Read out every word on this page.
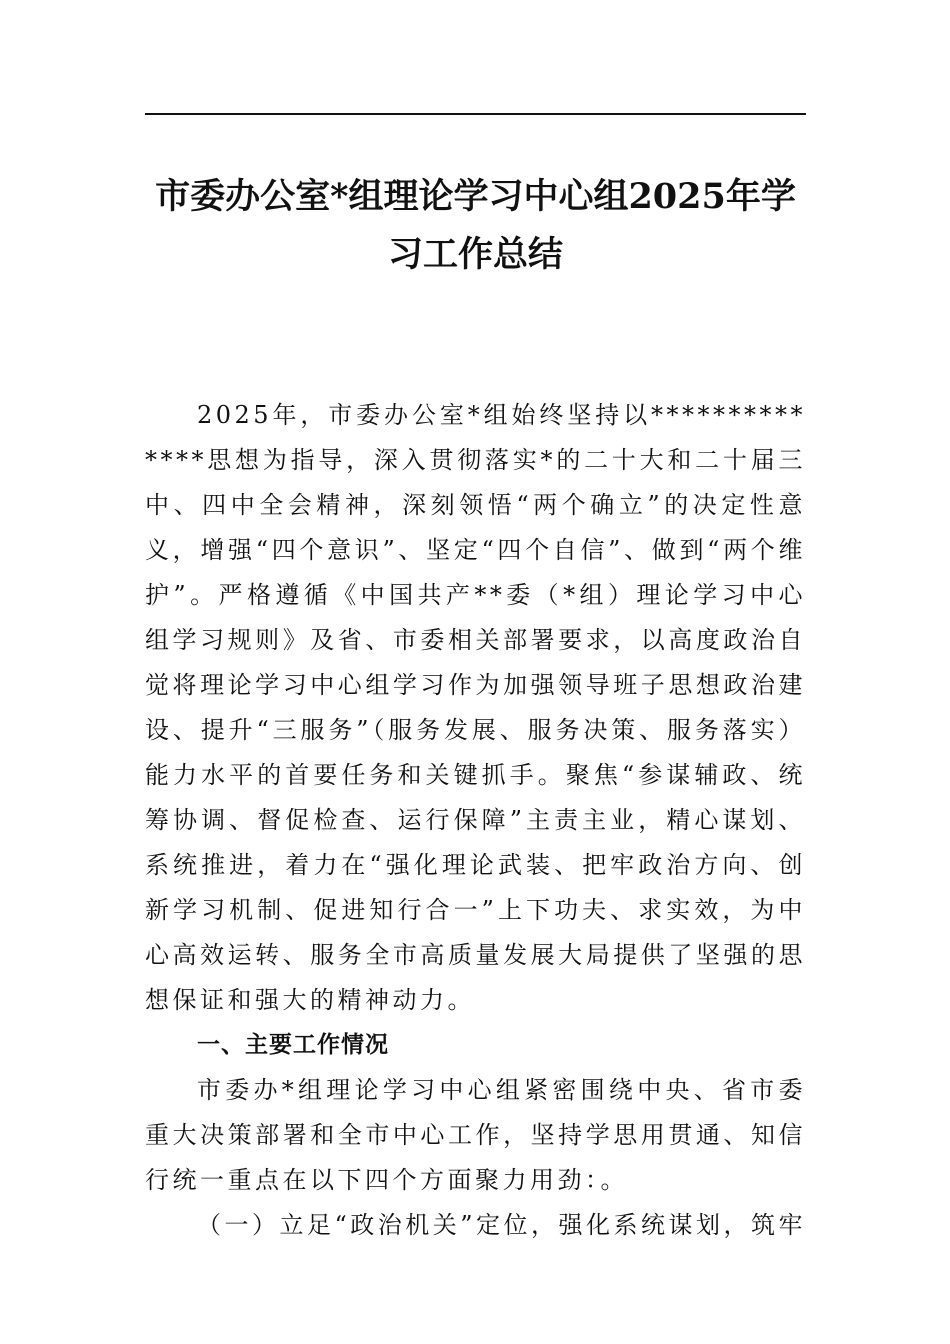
市委办公室*组理论学习中心组2025年学
习工作总结

2025年，市委办公室*组始终坚持以**************思想为指导，深入贯彻落实*的二十大和二十届三中、四中全会精神，深刻领悟“两个确立”的决定性意义，增强“四个意识”、坚定“四个自信”、做到“两个维护”。严格遵循《中国共产**委（*组）理论学习中心组学习规则》及省、市委相关部署要求，以高度政治自觉将理论学习中心组学习作为加强领导班子思想政治建设、提升“三服务”（服务发展、服务决策、服务落实）能力水平的首要任务和关键抓手。聚焦“参谋辅政、统筹协调、督促检查、运行保障”主责主业，精心谋划、系统推进，着力在“强化理论武装、把牢政治方向、创新学习机制、促进知行合一”上下功夫、求实效，为中心高效运转、服务全市高质量发展大局提供了坚强的思想保证和强大的精神动力。

一、主要工作情况

市委办*组理论学习中心组紧密围绕中央、省市委重大决策部署和全市中心工作，坚持学思用贯通、知信行统一重点在以下四个方面聚力用劲：。

（一）立足“政治机关”定位，强化系统谋划，筑牢
